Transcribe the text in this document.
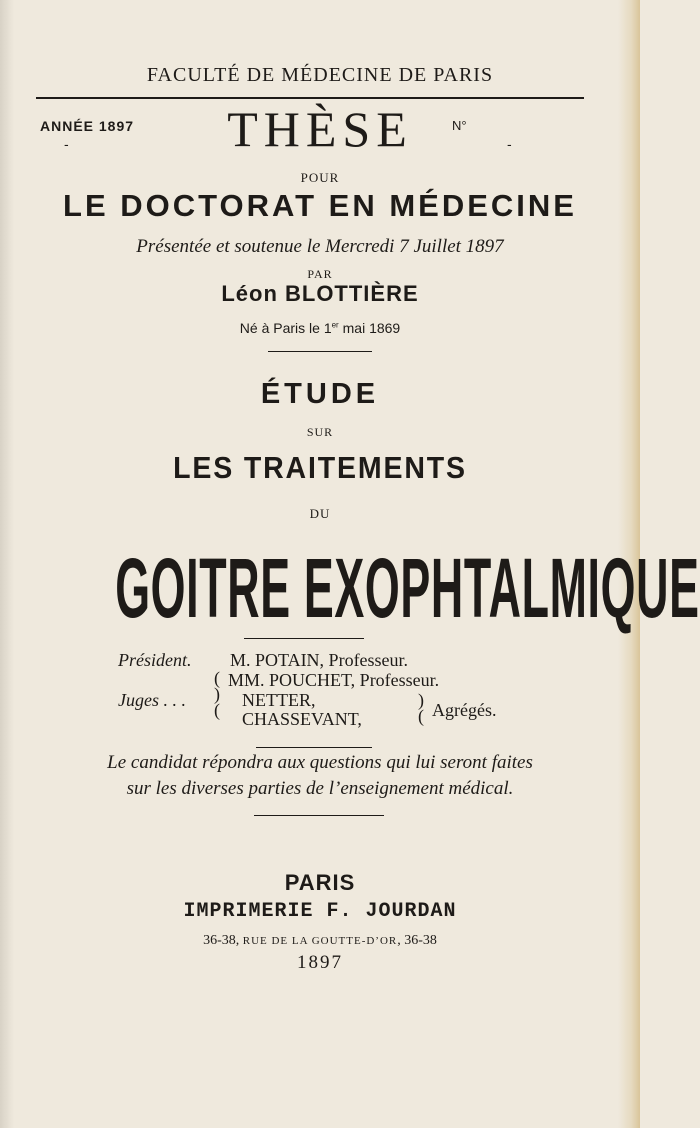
FACULTÉ DE MÉDECINE DE PARIS
ANNÉE 1897
-	THÈSE	N°
-
POUR
LE DOCTORAT EN MÉDECINE
Présentée et soutenue le Mercredi 7 Juillet 1897
PAR
Léon BLOTTIÈRE
Né à Paris le 1er mai 1869
ÉTUDE
SUR
LES TRAITEMENTS
DU
GOITRE EXOPHTALMIQUE
Président. M. POTAIN, Professeur.
Juges . . .
(
)
(
MM. POUCHET, Professeur.
NETTER,
CHASSEVANT,
)
( Agrégés.
Le candidat répondra aux questions qui lui seront faites
sur les diverses parties de l’enseignement médical.
PARIS
IMPRIMERIE F. JOURDAN
36-38, RUE DE LA GOUTTE-D’OR, 36-38
1897
